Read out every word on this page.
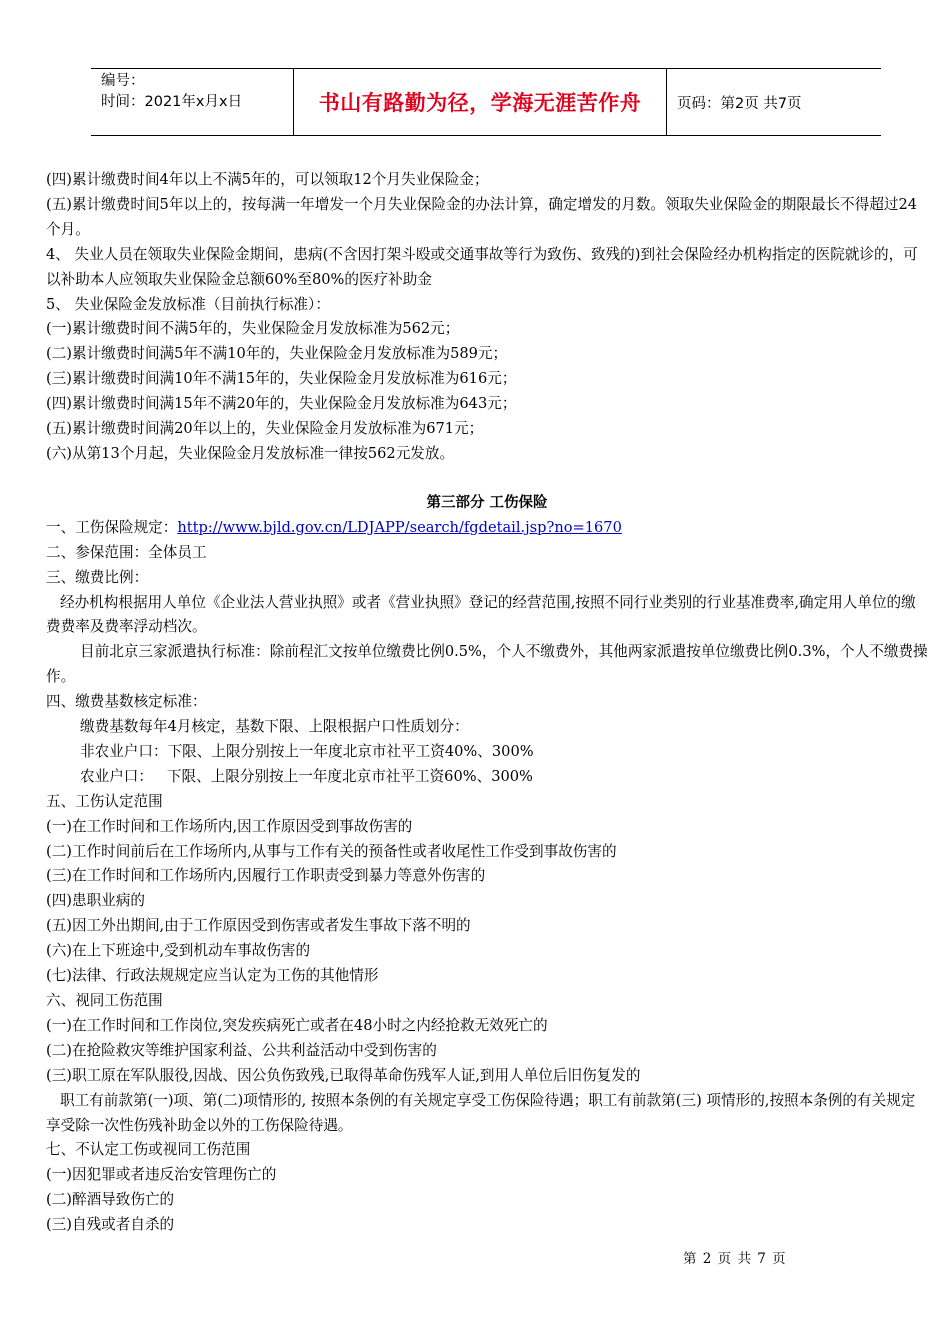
编号：
时间：2021年x月x日	书山有路勤为径，学海无涯苦作舟	页码：第2页 共7页

(四)累计缴费时间4年以上不满5年的，可以领取12个月失业保险金；

(五)累计缴费时间5年以上的，按每满一年增发一个月失业保险金的办法计算，确定增发的月数。领取失业保险金的期限最长不得超过24个月。

4、 失业人员在领取失业保险金期间，患病(不含因打架斗殴或交通事故等行为致伤、致残的)到社会保险经办机构指定的医院就诊的，可以补助本人应领取失业保险金总额60%至80%的医疗补助金

5、 失业保险金发放标准（目前执行标准）：

(一)累计缴费时间不满5年的，失业保险金月发放标准为562元；

(二)累计缴费时间满5年不满10年的，失业保险金月发放标准为589元；

(三)累计缴费时间满10年不满15年的，失业保险金月发放标准为616元；

(四)累计缴费时间满15年不满20年的，失业保险金月发放标准为643元；

(五)累计缴费时间满20年以上的，失业保险金月发放标准为671元；

(六)从第13个月起，失业保险金月发放标准一律按562元发放。

第三部分 工伤保险

一、工伤保险规定：http://www.bjld.gov.cn/LDJAPP/search/fgdetail.jsp?no=1670

二、参保范围：全体员工

三、缴费比例：

经办机构根据用人单位《企业法人营业执照》或者《营业执照》登记的经营范围,按照不同行业类别的行业基准费率,确定用人单位的缴费费率及费率浮动档次。

目前北京三家派遣执行标准：除前程汇文按单位缴费比例0.5%，个人不缴费外，其他两家派遣按单位缴费比例0.3%，个人不缴费操作。

四、缴费基数核定标准：

缴费基数每年4月核定，基数下限、上限根据户口性质划分：

非农业户口：下限、上限分别按上一年度北京市社平工资40%、300%

农业户口：   下限、上限分别按上一年度北京市社平工资60%、300%

五、工伤认定范围

(一)在工作时间和工作场所内,因工作原因受到事故伤害的

(二)工作时间前后在工作场所内,从事与工作有关的预备性或者收尾性工作受到事故伤害的

(三)在工作时间和工作场所内,因履行工作职责受到暴力等意外伤害的

(四)患职业病的

(五)因工外出期间,由于工作原因受到伤害或者发生事故下落不明的

(六)在上下班途中,受到机动车事故伤害的

(七)法律、行政法规规定应当认定为工伤的其他情形

六、视同工伤范围

(一)在工作时间和工作岗位,突发疾病死亡或者在48小时之内经抢救无效死亡的

(二)在抢险救灾等维护国家利益、公共利益活动中受到伤害的

(三)职工原在军队服役,因战、因公负伤致残,已取得革命伤残军人证,到用人单位后旧伤复发的

职工有前款第(一)项、第(二)项情形的, 按照本条例的有关规定享受工伤保险待遇；职工有前款第(三) 项情形的,按照本条例的有关规定享受除一次性伤残补助金以外的工伤保险待遇。

七、不认定工伤或视同工伤范围

(一)因犯罪或者违反治安管理伤亡的

(二)醉酒导致伤亡的

(三)自残或者自杀的

第 2 页 共 7 页
